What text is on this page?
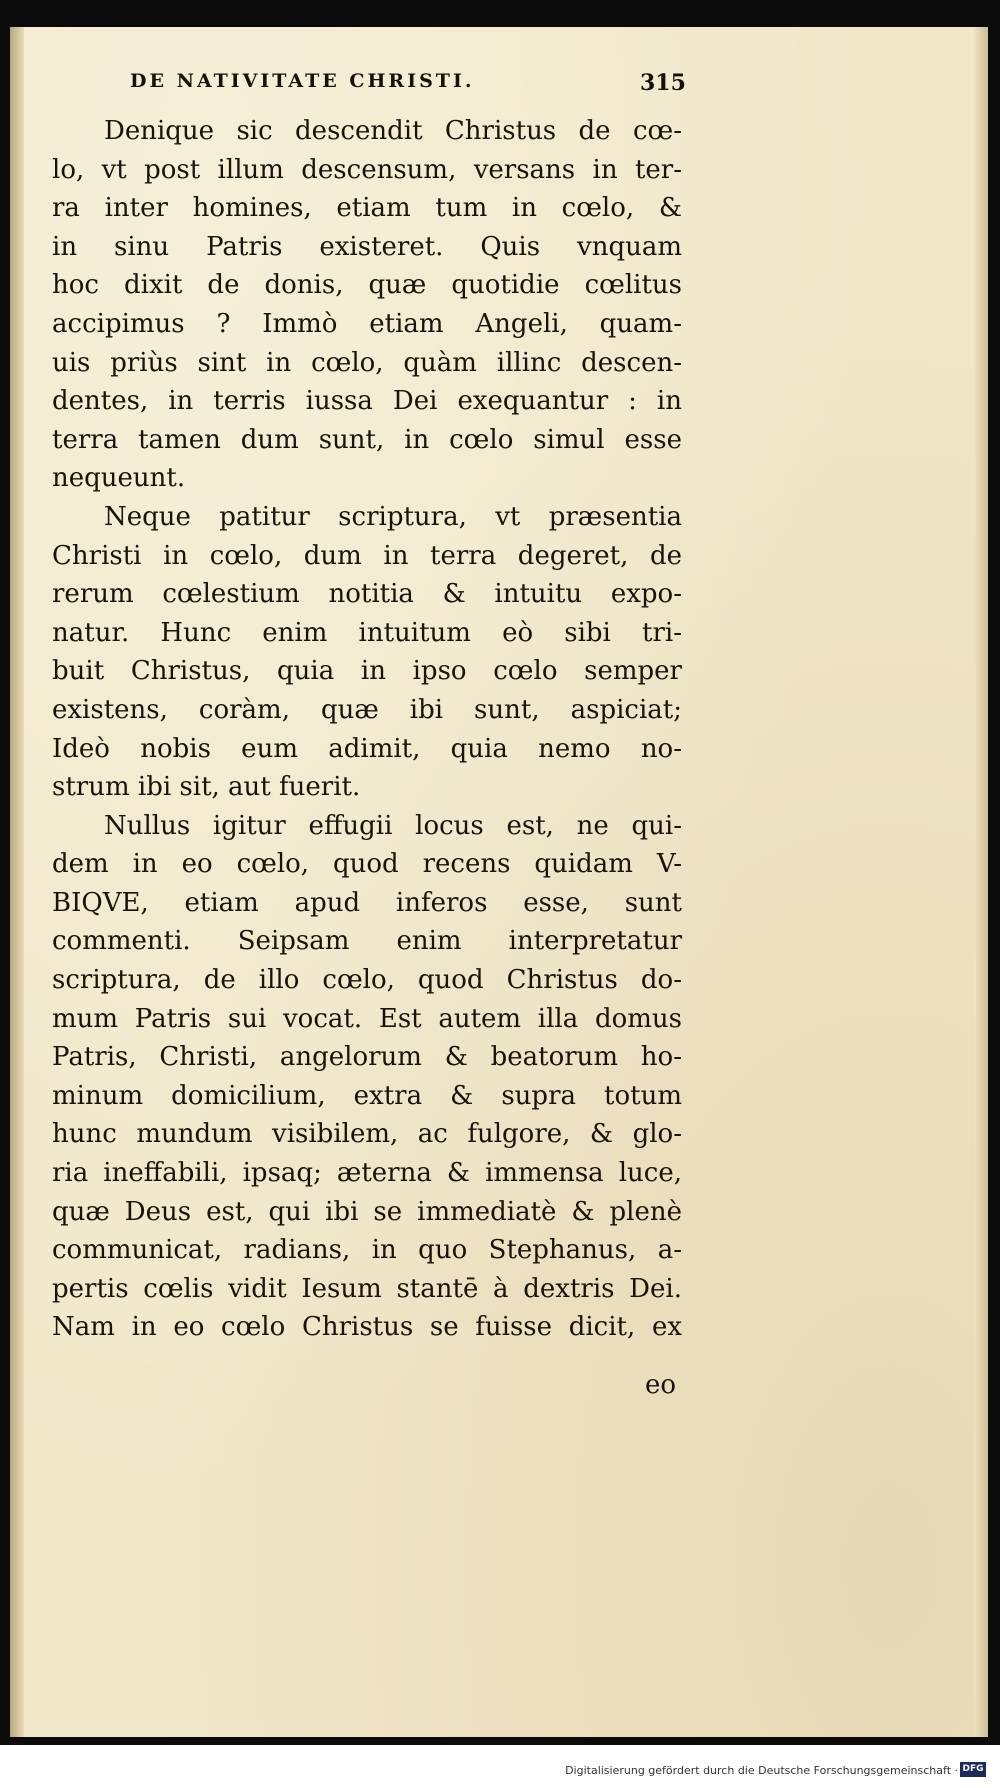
DE NATIVITATE CHRISTI.	315
Denique sic descendit Christus de cœ-
lo, vt post illum descensum, versans in ter-
ra inter homines, etiam tum in cœlo, &
in sinu Patris existeret. Quis vnquam
hoc dixit de donis, quæ quotidie cœlitus
accipimus ? Immò etiam Angeli, quam-
uis priùs sint in cœlo, quàm illinc descen-
dentes, in terris iussa Dei exequantur : in
terra tamen dum sunt, in cœlo simul esse
nequeunt.
Neque patitur scriptura, vt præsentia
Christi in cœlo, dum in terra degeret, de
rerum cœlestium notitia & intuitu expo-
natur. Hunc enim intuitum eò sibi tri-
buit Christus, quia in ipso cœlo semper
existens, coràm, quæ ibi sunt, aspiciat;
Ideò nobis eum adimit, quia nemo no-
strum ibi sit, aut fuerit.
Nullus igitur effugii locus est, ne qui-
dem in eo cœlo, quod recens quidam V-
BIQVE, etiam apud inferos esse, sunt
commenti. Seipsam enim interpretatur
scriptura, de illo cœlo, quod Christus do-
mum Patris sui vocat. Est autem illa domus
Patris, Christi, angelorum & beatorum ho-
minum domicilium, extra & supra totum
hunc mundum visibilem, ac fulgore, & glo-
ria ineffabili, ipsaq; æterna & immensa luce,
quæ Deus est, qui ibi se immediatè & plenè
communicat, radians, in quo Stephanus, a-
pertis cœlis vidit Iesum stantē à dextris Dei.
Nam in eo cœlo Christus se fuisse dicit, ex
eo
Digitalisierung gefördert durch die Deutsche Forschungsgemeinschaft · DFG
